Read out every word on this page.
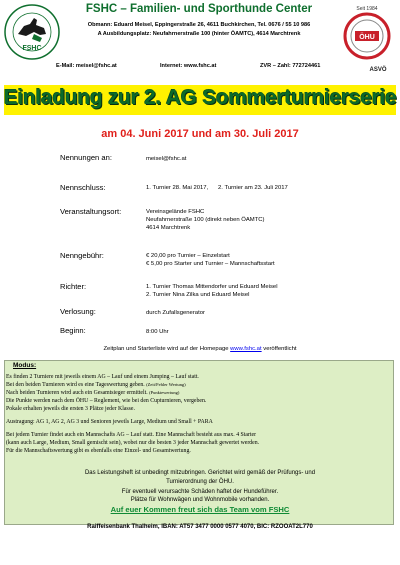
FSHC
Seit 1984
ÖHU
ASVÖ
FSHC – Familien- und Sporthunde Center
Obmann: Eduard Meisel, Eppingerstraße 26, 4611 Buchkirchen, Tel. 0676 / 55 10 986
A Ausbildungsplatz: Neufahrnerstraße 100 (hinter ÖAMTC), 4614 Marchtrenk
E-Mail: meisel@fshc.at	Internet: www.fshc.at	ZVR – Zahl: 772724461
Einladung zur 2. AG Sommerturnierserie
am 04. Juni 2017 und am 30. Juli 2017
Nennungen an:	meisel@fshc.at
Nennschluss:	1. Turnier 28. Mai 2017,      2. Turnier am 23. Juli 2017
Veranstaltungsort:	Vereinsgelände FSHC
Neufahrnerstraße 100 (direkt neben ÖAMTC)
4614 Marchtrenk
Nenngebühr:	€ 20,00 pro Turnier – Einzelstart
€ 5,00 pro Starter und Turnier – Mannschaftsstart
Richter:	1. Turnier Thomas Mittendorfer und Eduard Meisel
2. Turnier Nina Zilka und Eduard Meisel
Verlosung:	durch Zufallsgenerator
Beginn:	8:00 Uhr
Zeitplan und Starterliste wird auf der Homepage www.fshc.at veröffentlicht
Modus:
Es finden 2 Turniere mit jeweils einem AG – Lauf und einem Jumping – Lauf statt.
Bei den beiden Turnieren wird es eine Tageswertung geben. (Zeit/Fehler Wertung)
Nach beiden Turnieren wird auch ein Gesamtsieger ermittelt. (Punktewertung)
Die Punkte werden nach dem ÖHU – Reglement, wie bei den Cupturnieren, vergeben.
Pokale erhalten jeweils die ersten 3 Plätze jeder Klasse.
Austragung: AG 1, AG 2, AG 3 und Senioren jeweils Large, Medium und Small + PARA
Bei jedem Turnier findet auch ein Mannschafts AG – Lauf statt. Eine Mannschaft besteht aus max. 4 Starter
(kann auch Large, Medium, Small gemischt sein), wobei nur die besten 3 jeder Mannschaft gewertet werden.
Für die Mannschaftswertung gibt es ebenfalls eine Einzel- und Gesamtwertung.
Das Leistungsheft ist unbedingt mitzubringen. Gerichtet wird gemäß der Prüfungs- und
Turnierordnung der ÖHU.
Für eventuell verursachte Schäden haftet der Hundeführer.
Plätze für Wohnwägen und Wohnmobile vorhanden.
Auf euer Kommen freut sich das Team vom FSHC
Raiffeisenbank Thalheim, IBAN: AT57 3477 0000 0577 4070, BIC: RZOOAT2L770
